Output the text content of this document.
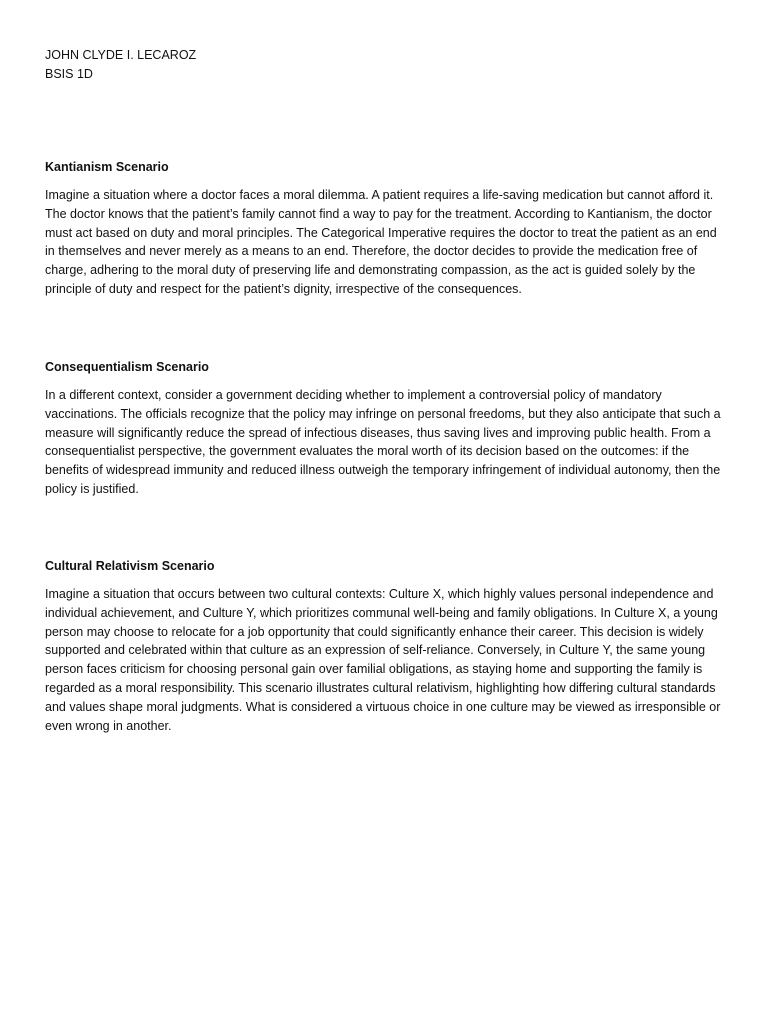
JOHN CLYDE I. LECAROZ

BSIS 1D

Kantianism Scenario

Imagine a situation where a doctor faces a moral dilemma. A patient requires a life-saving medication but cannot afford it. The doctor knows that the patient’s family cannot find a way to pay for the treatment. According to Kantianism, the doctor must act based on duty and moral principles. The Categorical Imperative requires the doctor to treat the patient as an end in themselves and never merely as a means to an end. Therefore, the doctor decides to provide the medication free of charge, adhering to the moral duty of preserving life and demonstrating compassion, as the act is guided solely by the principle of duty and respect for the patient’s dignity, irrespective of the consequences.

Consequentialism Scenario

In a different context, consider a government deciding whether to implement a controversial policy of mandatory vaccinations. The officials recognize that the policy may infringe on personal freedoms, but they also anticipate that such a measure will significantly reduce the spread of infectious diseases, thus saving lives and improving public health. From a consequentialist perspective, the government evaluates the moral worth of its decision based on the outcomes: if the benefits of widespread immunity and reduced illness outweigh the temporary infringement of individual autonomy, then the policy is justified.

Cultural Relativism Scenario

Imagine a situation that occurs between two cultural contexts: Culture X, which highly values personal independence and individual achievement, and Culture Y, which prioritizes communal well-being and family obligations. In Culture X, a young person may choose to relocate for a job opportunity that could significantly enhance their career. This decision is widely supported and celebrated within that culture as an expression of self-reliance. Conversely, in Culture Y, the same young person faces criticism for choosing personal gain over familial obligations, as staying home and supporting the family is regarded as a moral responsibility. This scenario illustrates cultural relativism, highlighting how differing cultural standards and values shape moral judgments. What is considered a virtuous choice in one culture may be viewed as irresponsible or even wrong in another.
